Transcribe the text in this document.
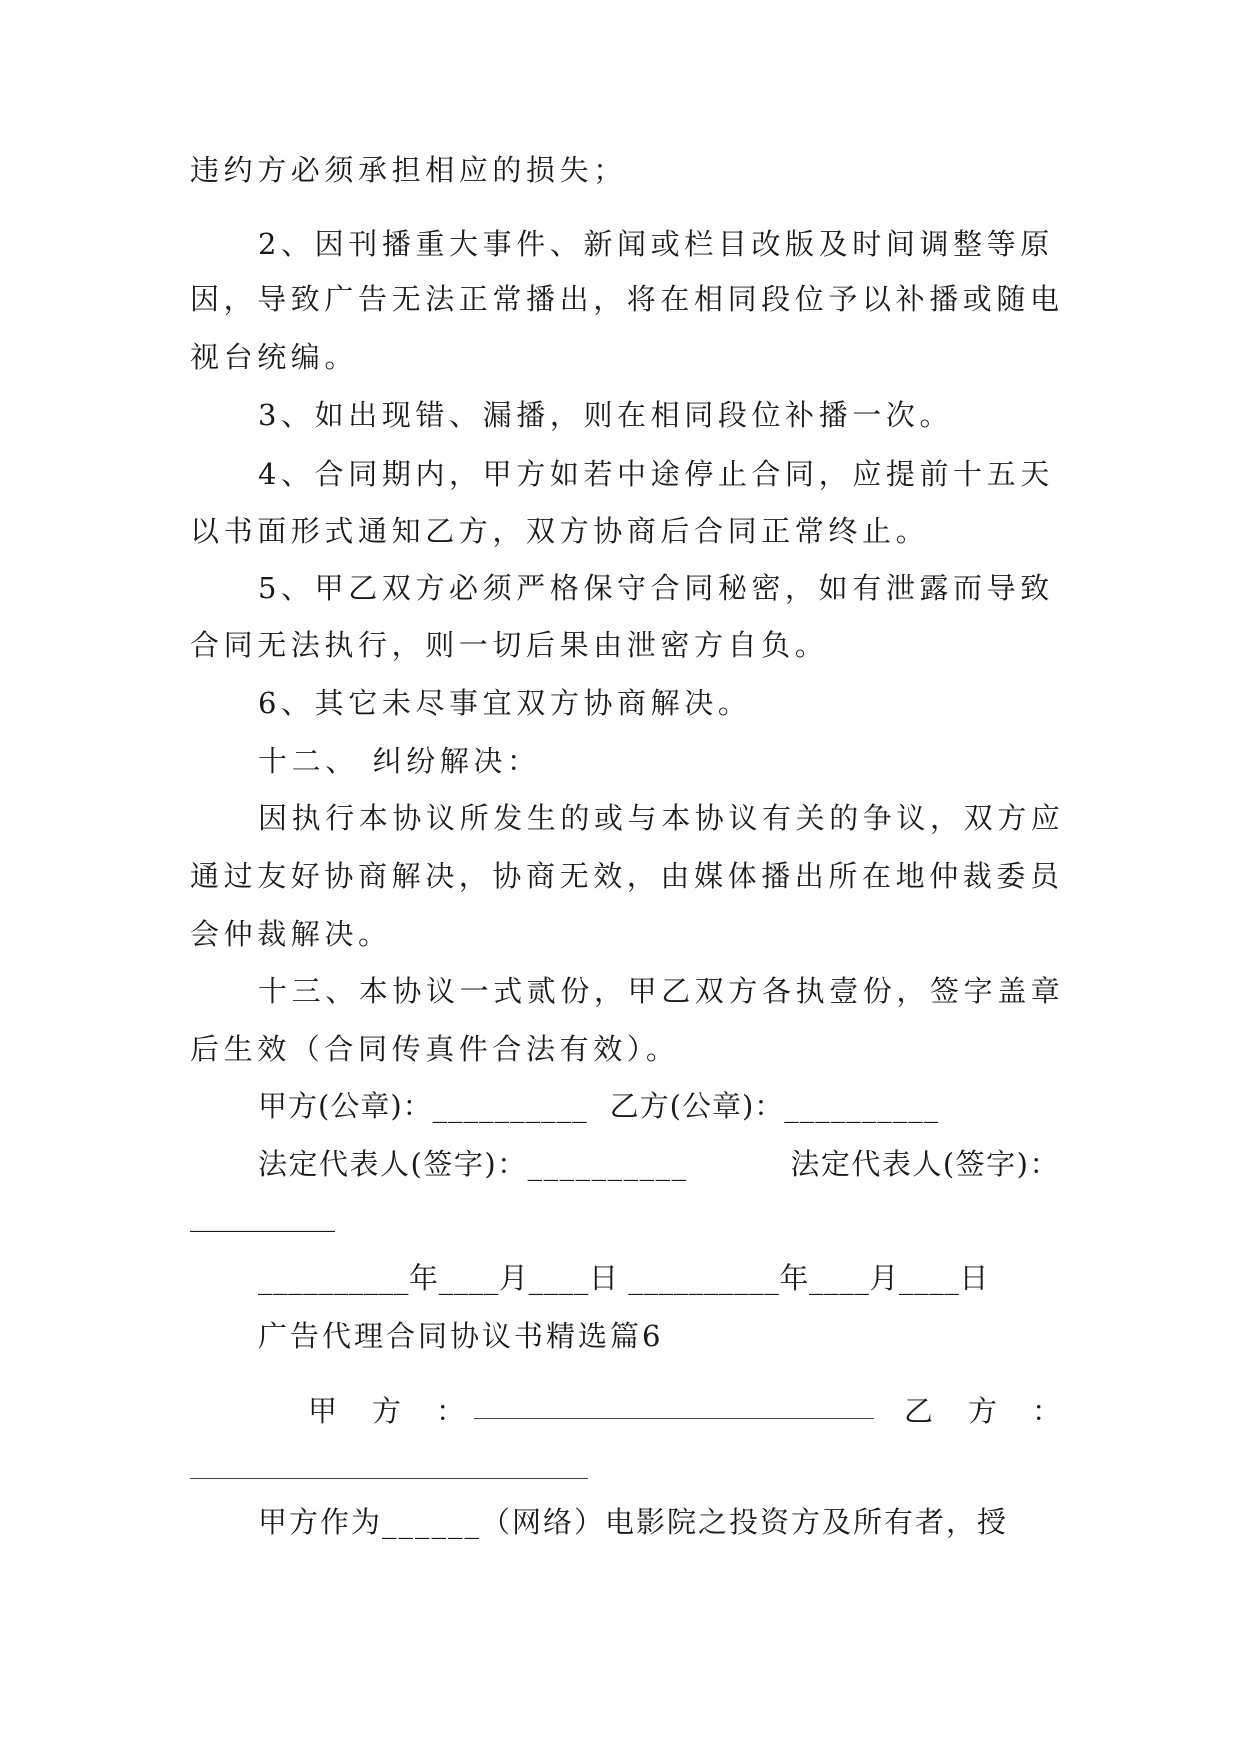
违约方必须承担相应的损失；
2、因刊播重大事件、新闻或栏目改版及时间调整等原
因，导致广告无法正常播出，将在相同段位予以补播或随电
视台统编。
3、如出现错、漏播，则在相同段位补播一次。
4、合同期内，甲方如若中途停止合同，应提前十五天
以书面形式通知乙方，双方协商后合同正常终止。
5、甲乙双方必须严格保守合同秘密，如有泄露而导致
合同无法执行，则一切后果由泄密方自负。
6、其它未尽事宜双方协商解决。
十二、 纠纷解决：
因执行本协议所发生的或与本协议有关的争议，双方应
通过友好协商解决，协商无效，由媒体播出所在地仲裁委员
会仲裁解决。
十三、本协议一式贰份，甲乙双方各执壹份，签字盖章
后生效（合同传真件合法有效）。
甲方(公章)：__________ 乙方(公章)：__________
法定代表人(签字)：__________	法定代表人(签字)：
__________
__________年____月____日 __________年____月____日
广告代理合同协议书精选篇6
甲　方　：	乙　方　：
甲方作为______（网络）电影院之投资方及所有者，授
